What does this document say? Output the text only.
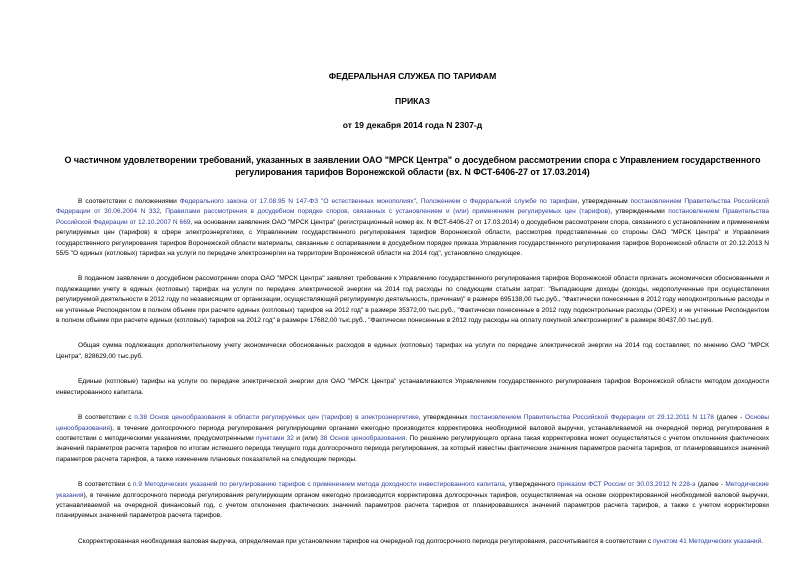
ФЕДЕРАЛЬНАЯ СЛУЖБА ПО ТАРИФАМ
ПРИКАЗ
от 19 декабря 2014 года N 2307-д
О частичном удовлетворении требований, указанных в заявлении ОАО "МРСК Центра" о досудебном рассмотрении спора с Управлением государственного регулирования тарифов Воронежской области (вх. N ФСТ-6406-27 от 17.03.2014)

В соответствии с положениями Федерального закона от 17.08.95 N 147-ФЗ "О естественных монополиях", Положением о Федеральной службе по тарифам, утвержденным постановлением Правительства Российской Федерации от 30.06.2004 N 332, Правилами рассмотрения в досудебном порядке споров, связанных с установлением и (или) применением регулируемых цен (тарифов), утвержденными постановлением Правительства Российской Федерации от 12.10.2007 N 669, на основании заявления ОАО "МРСК Центра" (регистрационный номер вх. N ФСТ-6406-27 от 17.03.2014) о досудебном рассмотрении спора, связанного с установлением и применением регулируемых цен (тарифов) в сфере электроэнергетики, с Управлением государственного регулирования тарифов Воронежской области, рассмотрев представленные со стороны ОАО "МРСК Центра" и Управления государственного регулирования тарифов Воронежской области материалы, связанные с оспариванием в досудебном порядке приказа Управления государственного регулирования тарифов Воронежской области от 20.12.2013 N 55/5 "О единых (котловых) тарифах на услуги по передаче электроэнергии на территории Воронежской области на 2014 год", установлено следующее.

В поданном заявлении о досудебном рассмотрении спора ОАО "МРСК Центра" заявляет требование к Управлению государственного регулирования тарифов Воронежской области признать экономически обоснованными и подлежащими учету в единых (котловых) тарифах на услуги по передаче электрической энергии на 2014 год расходы по следующим статьям затрат: "Выпадающие доходы (доходы, недополученные при осуществлении регулируемой деятельности в 2012 году по независящим от организации, осуществляющей регулируемую деятельность, причинам)" в размере 695138,00 тыс.руб., "Фактически понесенные в 2012 году неподконтрольные расходы и не учтенные Респондентом в полном объеме при расчете единых (котловых) тарифов на 2012 год" в размере 35372,00 тыс.руб., "Фактически понесенные в 2012 году подконтрольные расходы (OPEX) и не учтенные Респондентом в полном объеме при расчете единых (котловых) тарифов на 2012 год" в размере 17682,00 тыс.руб., "Фактически понесенные в 2012 году расходы на оплату покупной электроэнергии" в размере 80437,00 тыс.руб.

Общая сумма подлежащих дополнительному учету экономически обоснованных расходов в единых (котловых) тарифах на услуги по передаче электрической энергии на 2014 год составляет, по мнению ОАО "МРСК Центра", 828629,00 тыс.руб.

Единые (котловые) тарифы на услуги по передаче электрической энергии для ОАО "МРСК Центра" устанавливаются Управлением государственного регулирования тарифов Воронежской области методом доходности инвестированного капитала.

В соответствии с п.38 Основ ценообразования в области регулируемых цен (тарифов) в электроэнергетике, утвержденных постановлением Правительства Российской Федерации от 29.12.2011 N 1178 (далее - Основы ценообразования), в течение долгосрочного периода регулирования регулирующими органами ежегодно производится корректировка необходимой валовой выручки, устанавливаемой на очередной период регулирования в соответствии с методическими указаниями, предусмотренными пунктами 32 и (или) 38 Основ ценообразования. По решению регулирующего органа такая корректировка может осуществляться с учетом отклонения фактических значений параметров расчета тарифов по итогам истекшего периода текущего года долгосрочного периода регулирования, за который известны фактические значения параметров расчета тарифов, от планировавшихся значений параметров расчета тарифов, а также изменение плановых показателей на следующие периоды.

В соответствии с п.9 Методических указаний по регулированию тарифов с применением метода доходности инвестированного капитала, утвержденного приказом ФСТ России от 30.03.2012 N 228-э (далее - Методические указания), в течение долгосрочного периода регулирования регулирующим органом ежегодно производится корректировка долгосрочных тарифов, осуществляемая на основе скорректированной необходимой валовой выручки, устанавливаемой на очередной финансовый год, с учетом отклонения фактических значений параметров расчета тарифов от планировавшихся значений параметров расчета тарифов, а также с учетом корректировки планируемых значений параметров расчета тарифов.

Скорректированная необходимая валовая выручка, определяемая при установлении тарифов на очередной год долгосрочного периода регулирования, рассчитывается в соответствии с пунктом 41 Методических указаний.
